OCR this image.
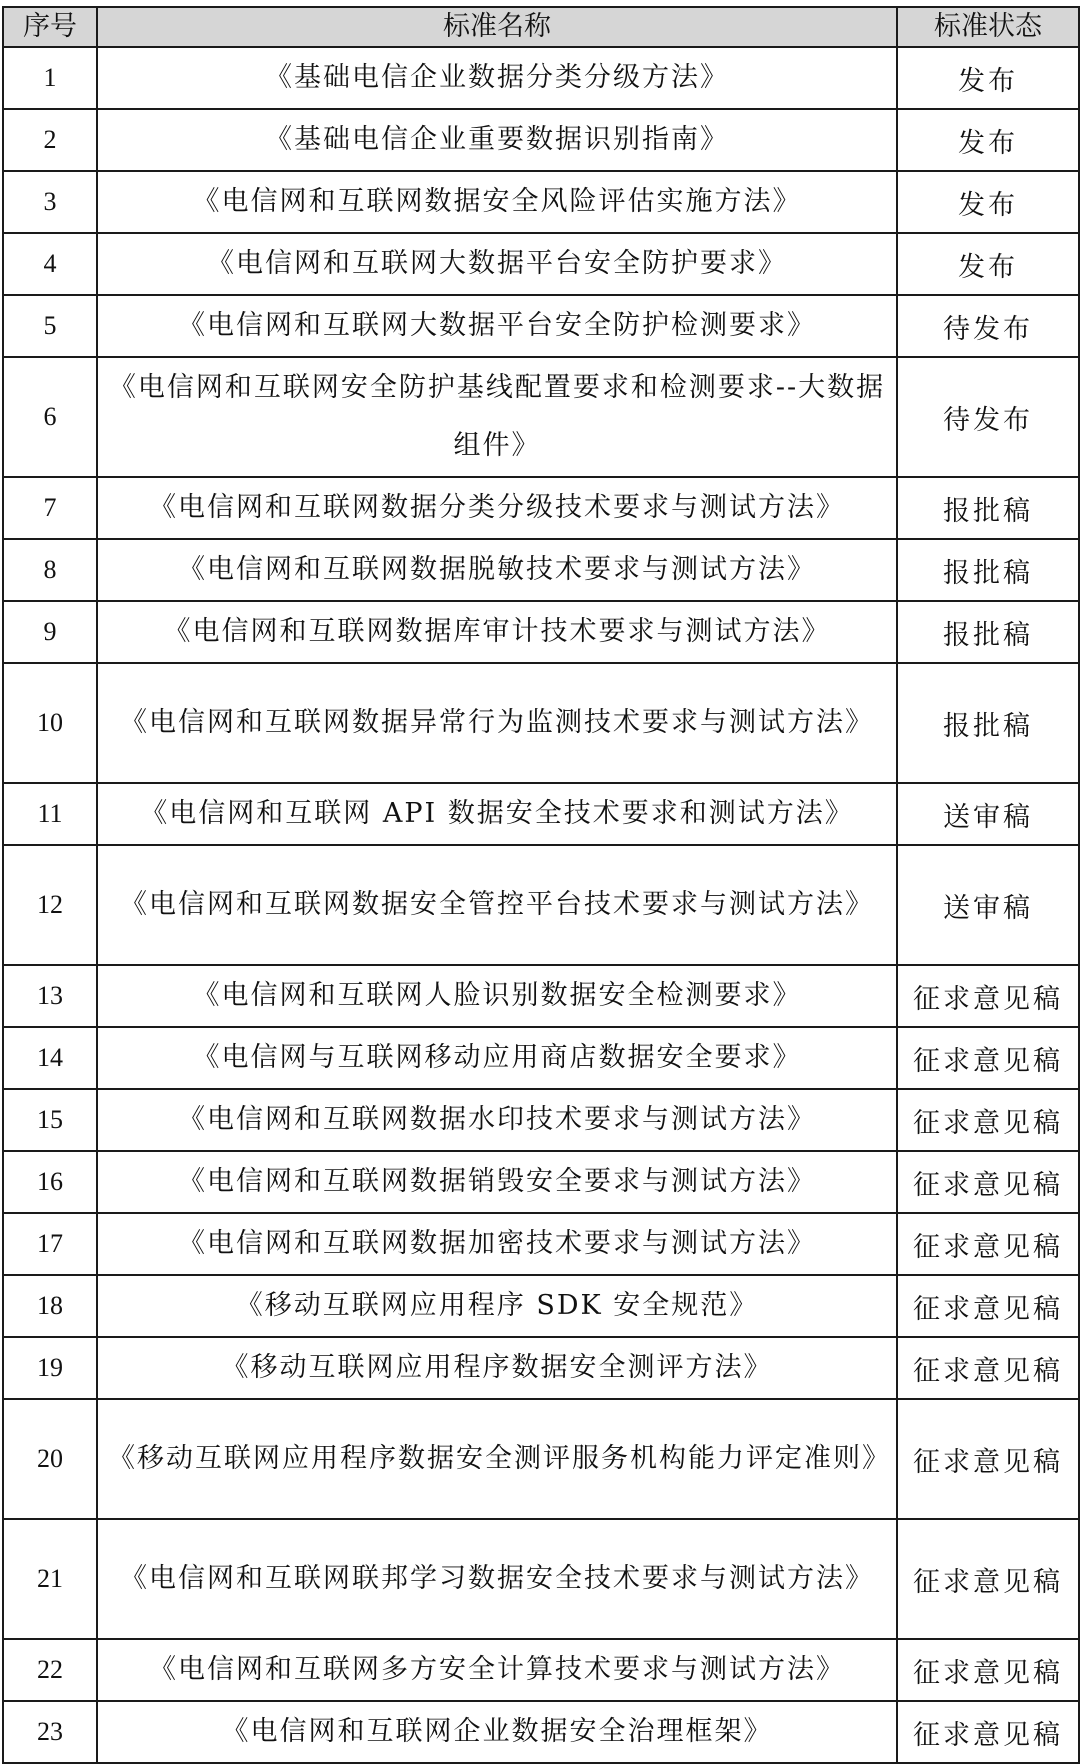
序号	标准名称	标准状态
1	《基础电信企业数据分类分级方法》	发布
2	《基础电信企业重要数据识别指南》	发布
3	《电信网和互联网数据安全风险评估实施方法》	发布
4	《电信网和互联网大数据平台安全防护要求》	发布
5	《电信网和互联网大数据平台安全防护检测要求》	待发布
6	《电信网和互联网安全防护基线配置要求和检测要求--大数据组件》	待发布
7	《电信网和互联网数据分类分级技术要求与测试方法》	报批稿
8	《电信网和互联网数据脱敏技术要求与测试方法》	报批稿
9	《电信网和互联网数据库审计技术要求与测试方法》	报批稿
10	《电信网和互联网数据异常行为监测技术要求与测试方法》	报批稿
11	《电信网和互联网 API 数据安全技术要求和测试方法》	送审稿
12	《电信网和互联网数据安全管控平台技术要求与测试方法》	送审稿
13	《电信网和互联网人脸识别数据安全检测要求》	征求意见稿
14	《电信网与互联网移动应用商店数据安全要求》	征求意见稿
15	《电信网和互联网数据水印技术要求与测试方法》	征求意见稿
16	《电信网和互联网数据销毁安全要求与测试方法》	征求意见稿
17	《电信网和互联网数据加密技术要求与测试方法》	征求意见稿
18	《移动互联网应用程序 SDK 安全规范》	征求意见稿
19	《移动互联网应用程序数据安全测评方法》	征求意见稿
20	《移动互联网应用程序数据安全测评服务机构能力评定准则》	征求意见稿
21	《电信网和互联网联邦学习数据安全技术要求与测试方法》	征求意见稿
22	《电信网和互联网多方安全计算技术要求与测试方法》	征求意见稿
23	《电信网和互联网企业数据安全治理框架》	征求意见稿
